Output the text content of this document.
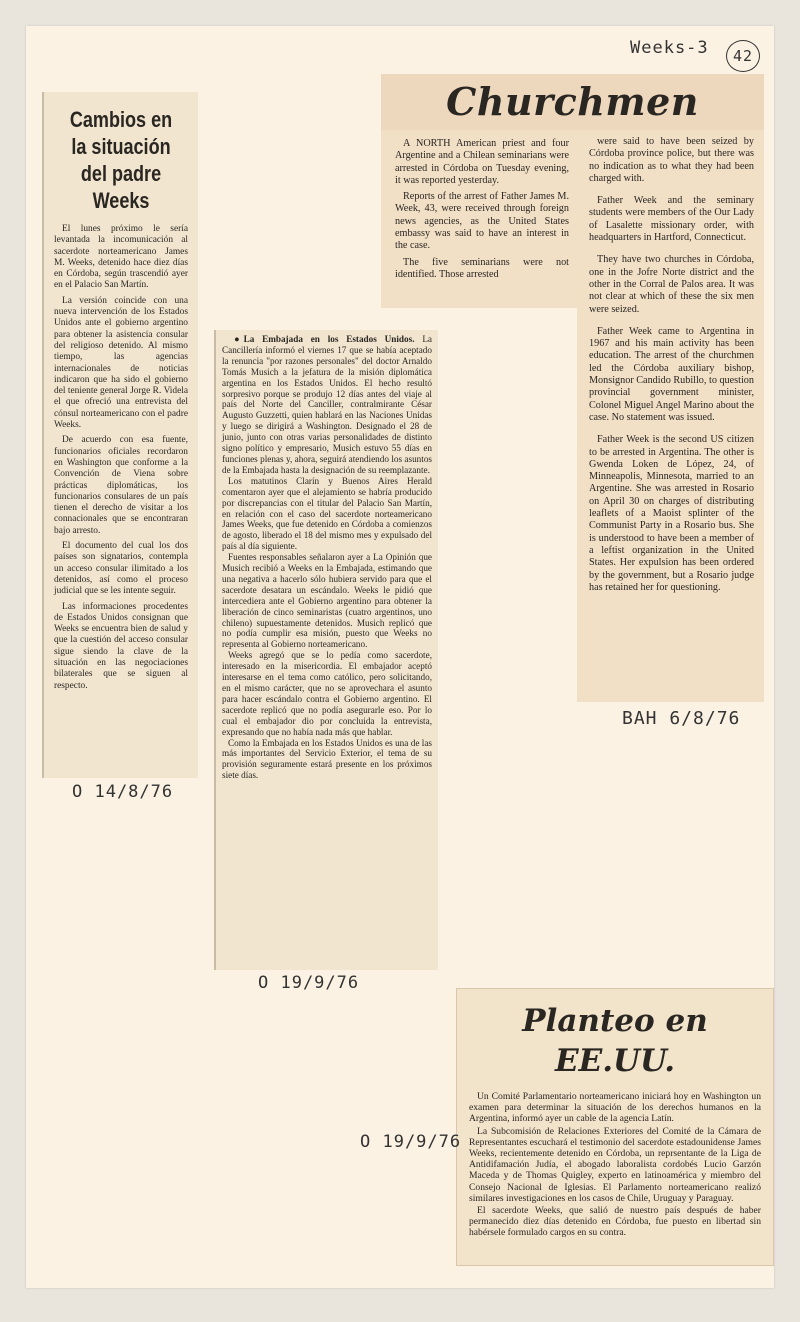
Weeks-3	42
Cambios en la situación del padre Weeks

El lunes próximo le sería levantada la incomunicación al sacerdote norteamericano James M. Weeks, detenido hace diez días en Córdoba, según trascendió ayer en el Palacio San Martín.

La versión coincide con una nueva intervención de los Estados Unidos ante el gobierno argentino para obtener la asistencia consular del religioso detenido. Al mismo tiempo, las agencias internacionales de noticias indicaron que ha sido el gobierno del teniente general Jorge R. Videla el que ofreció una entrevista del cónsul norteamericano con el padre Weeks.

De acuerdo con esa fuente, funcionarios oficiales recordaron en Washington que conforme a la Convención de Viena sobre prácticas diplomáticas, los funcionarios consulares de un país tienen el derecho de visitar a los connacionales que se encontraran bajo arresto.

El documento del cual los dos países son signatarios, contempla un acceso consular ilimitado a los detenidos, así como el proceso judicial que se les intente seguir.

Las informaciones procedentes de Estados Unidos consignan que Weeks se encuentra bien de salud y que la cuestión del acceso consular sigue siendo la clave de la situación en las negociaciones bilaterales que se siguen al respecto.

O 14/8/76

● La Embajada en los Estados Unidos. La Cancillería informó el viernes 17 que se había aceptado la renuncia "por razones personales" del doctor Arnaldo Tomás Musich a la jefatura de la misión diplomática argentina en los Estados Unidos. El hecho resultó sorpresivo porque se produjo 12 días antes del viaje al país del Norte del Canciller, contralmirante César Augusto Guzzetti, quien hablará en las Naciones Unidas y luego se dirigirá a Washington. Designado el 28 de junio, junto con otras varias personalidades de distinto signo político y empresario, Musich estuvo 55 días en funciones plenas y, ahora, seguirá atendiendo los asuntos de la Embajada hasta la designación de su reemplazante.

Los matutinos Clarín y Buenos Aires Herald comentaron ayer que el alejamiento se habría producido por discrepancias con el titular del Palacio San Martín, en relación con el caso del sacerdote norteamericano James Weeks, que fue detenido en Córdoba a comienzos de agosto, liberado el 18 del mismo mes y expulsado del país al día siguiente.

Fuentes responsables señalaron ayer a La Opinión que Musich recibió a Weeks en la Embajada, estimando que una negativa a hacerlo sólo hubiera servido para que el sacerdote desatara un escándalo. Weeks le pidió que intercediera ante el Gobierno argentino para obtener la liberación de cinco seminaristas (cuatro argentinos, uno chileno) supuestamente detenidos. Musich replicó que no podía cumplir esa misión, puesto que Weeks no representa al Gobierno norteamericano.

Weeks agregó que se lo pedía como sacerdote, interesado en la misericordia. El embajador aceptó interesarse en el tema como católico, pero solicitando, en el mismo carácter, que no se aprovechara el asunto para hacer escándalo contra el Gobierno argentino. El sacerdote replicó que no podía asegurarle eso. Por lo cual el embajador dio por concluida la entrevista, expresando que no había nada más que hablar.

Como la Embajada en los Estados Unidos es una de las más importantes del Servicio Exterior, el tema de su provisión seguramente estará presente en los próximos siete días.

O 19/9/76
Churchmen

A NORTH American priest and four Argentine and a Chilean seminarians were arrested in Córdoba on Tuesday evening, it was reported yesterday.

Reports of the arrest of Father James M. Week, 43, were received through foreign news agencies, as the United States embassy was said to have an interest in the case.

The five seminarians were not identified. Those arrested

were said to have been seized by Córdoba province police, but there was no indication as to what they had been charged with.

Father Week and the seminary students were members of the Our Lady of Lasalette missionary order, with headquarters in Hartford, Connecticut.

They have two churches in Córdoba, one in the Jofre Norte district and the other in the Corral de Palos area. It was not clear at which of these the six men were seized.

Father Week came to Argentina in 1967 and his main activity has been education. The arrest of the churchmen led the Córdoba auxiliary bishop, Monsignor Candido Rubillo, to question provincial government minister, Colonel Miguel Angel Marino about the case. No statement was issued.

Father Week is the second US citizen to be arrested in Argentina. The other is Gwenda Loken de López, 24, of Minneapolis, Minnesota, married to an Argentine. She was arrested in Rosario on April 30 on charges of distributing leaflets of a Maoist splinter of the Communist Party in a Rosario bus. She is understood to have been a member of a leftist organization in the United States. Her expulsion has been ordered by the government, but a Rosario judge has retained her for questioning.

BAH 6/8/76
Planteo en EE.UU.

Un Comité Parlamentario norteamericano iniciará hoy en Washington un examen para determinar la situación de los derechos humanos en la Argentina, informó ayer un cable de la agencia Latín.

La Subcomisión de Relaciones Exteriores del Comité de la Cámara de Representantes escuchará el testimonio del sacerdote estadounidense James Weeks, recientemente detenido en Córdoba, un reprsentante de la Liga de Antidifamación Judía, el abogado laboralista cordobés Lucio Garzón Maceda y de Thomas Quigley, experto en latinoamérica y miembro del Consejo Nacional de Iglesias. El Parlamento norteamericano realizó similares investigaciones en los casos de Chile, Uruguay y Paraguay.

El sacerdote Weeks, que salió de nuestro país después de haber permanecido diez días detenido en Córdoba, fue puesto en libertad sin habérsele formulado cargos en su contra.

O 19/9/76
